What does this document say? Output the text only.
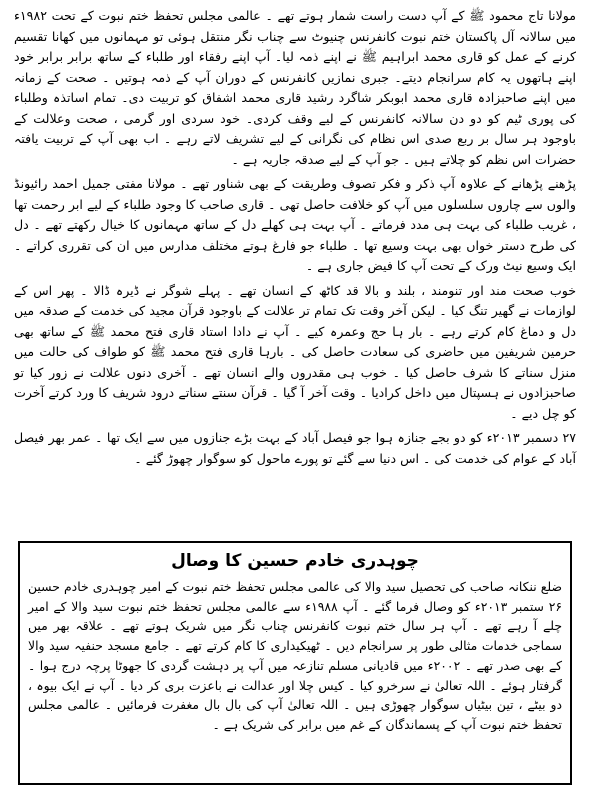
مولانا تاج محمود ﷺ کے آپ دست راست شمار ہوتے تھے ۔ عالمی مجلس تحفظ ختم نبوت کے تحت ۱۹۸۲ء میں سالانہ آل پاکستان ختم نبوت کانفرنس چنیوٹ سے چناب نگر منتقل ہوئی تو مہمانوں میں کھانا تقسیم کرنے کے عمل کو قاری محمد ابراہیم ﷺ نے اپنے ذمہ لیا۔ آپ اپنے رفقاء اور طلباء کے ساتھ برابر برابر خود اپنے ہاتھوں یہ کام سرانجام دیتے۔ جبری نمازیں کانفرنس کے دوران آپ کے ذمہ ہوتیں ۔ صحت کے زمانہ میں اپنے صاحبزادہ قاری محمد ابوبکر شاگرد رشید قاری محمد اشفاق کو تربیت دی۔ تمام اساتذہ وطلباء کی پوری ٹیم کو دو دن سالانہ کانفرنس کے لیے وقف کردی۔ خود سردی اور گرمی ، صحت وعلالت کے باوجود ہر سال بر ربع صدی اس نظام کی نگرانی کے لیے تشریف لاتے رہے ۔ اب بھی آپ کے تربیت یافتہ حضرات اس نظم کو چلاتے ہیں ۔ جو آپ کے لیے صدقہ جاریہ ہے ۔

پڑھنے پڑھانے کے علاوہ آپ ذکر و فکر تصوف وطریقت کے بھی شناور تھے ۔ مولانا مفتی جمیل احمد رائیونڈ والوں سے چاروں سلسلوں میں آپ کو خلافت حاصل تھی ۔ قاری صاحب کا وجود طلباء کے لیے ابر رحمت تھا ، غریب طلباء کی بہت ہی مدد فرماتے ۔ آپ بہت ہی کھلے دل کے ساتھ مہمانوں کا خیال رکھتے تھے ۔ دل کی طرح دستر خواں بھی بہت وسیع تھا ۔ طلباء جو فارغ ہوتے مختلف مدارس میں ان کی تقرری کراتے ۔ ایک وسیع نیٹ ورک کے تحت آپ کا فیض جاری ہے ۔

خوب صحت مند اور تنومند ، بلند و بالا قد کاٹھ کے انسان تھے ۔ پہلے شوگر نے ڈیرہ ڈالا ۔ پھر اس کے لوازمات نے گھیر تنگ کیا ۔ لیکن آخر وقت تک تمام تر علالت کے باوجود قرآن مجید کی خدمت کے صدقہ میں دل و دماغ کام کرتے رہے ۔ بار ہا حج وعمرہ کیے ۔ آپ نے دادا استاد قاری فتح محمد ﷺ کے ساتھ بھی حرمین شریفین میں حاضری کی سعادت حاصل کی ۔ بارہا قاری فتح محمد ﷺ کو طواف کی حالت میں منزل سناتے کا شرف حاصل کیا ۔ خوب ہی مقدروں والے انسان تھے ۔ آخری دنوں علالت نے زور کیا تو صاحبزادوں نے ہسپتال میں داخل کرادیا ۔ وقت آخر آ گیا ۔ قرآن سنتے سناتے درود شریف کا ورد کرتے آخرت کو چل دیے ۔

۲۷ دسمبر ۲۰۱۳ء کو دو بجے جنازہ ہوا جو فیصل آباد کے بہت بڑے جنازوں میں سے ایک تھا ۔ عمر بھر فیصل آباد کے عوام کی خدمت کی ۔ اس دنیا سے گئے تو پورے ماحول کو سوگوار چھوڑ گئے ۔

چوہدری خادم حسین کا وصال

ضلع ننکانہ صاحب کی تحصیل سید والا کی عالمی مجلس تحفظ ختم نبوت کے امیر چوہدری خادم حسین ۲۶ ستمبر ۲۰۱۳ء کو وصال فرما گئے ۔ آپ ۱۹۸۸ء سے عالمی مجلس تحفظ ختم نبوت سید والا کے امیر چلے آ رہے تھے ۔ آپ ہر سال ختم نبوت کانفرنس چناب نگر میں شریک ہوتے تھے ۔ علاقہ بھر میں سماجی خدمات مثالی طور پر سرانجام دیں ۔ ٹھیکیداری کا کام کرتے تھے ۔ جامع مسجد حنفیہ سید والا کے بھی صدر تھے ۔ ۲۰۰۲ء میں قادیانی مسلم تنازعہ میں آپ پر دہشت گردی کا جھوٹا پرچہ درج ہوا ۔ گرفتار ہوئے ۔ اللہ تعالیٰ نے سرخرو کیا ۔ کیس چلا اور عدالت نے باعزت بری کر دیا ۔ آپ نے ایک بیوہ ، دو بیٹے ، تین بیٹیاں سوگوار چھوڑی ہیں ۔ اللہ تعالیٰ آپ کی بال بال مغفرت فرمائیں ۔ عالمی مجلس تحفظ ختم نبوت آپ کے پسماندگان کے غم میں برابر کی شریک ہے ۔
